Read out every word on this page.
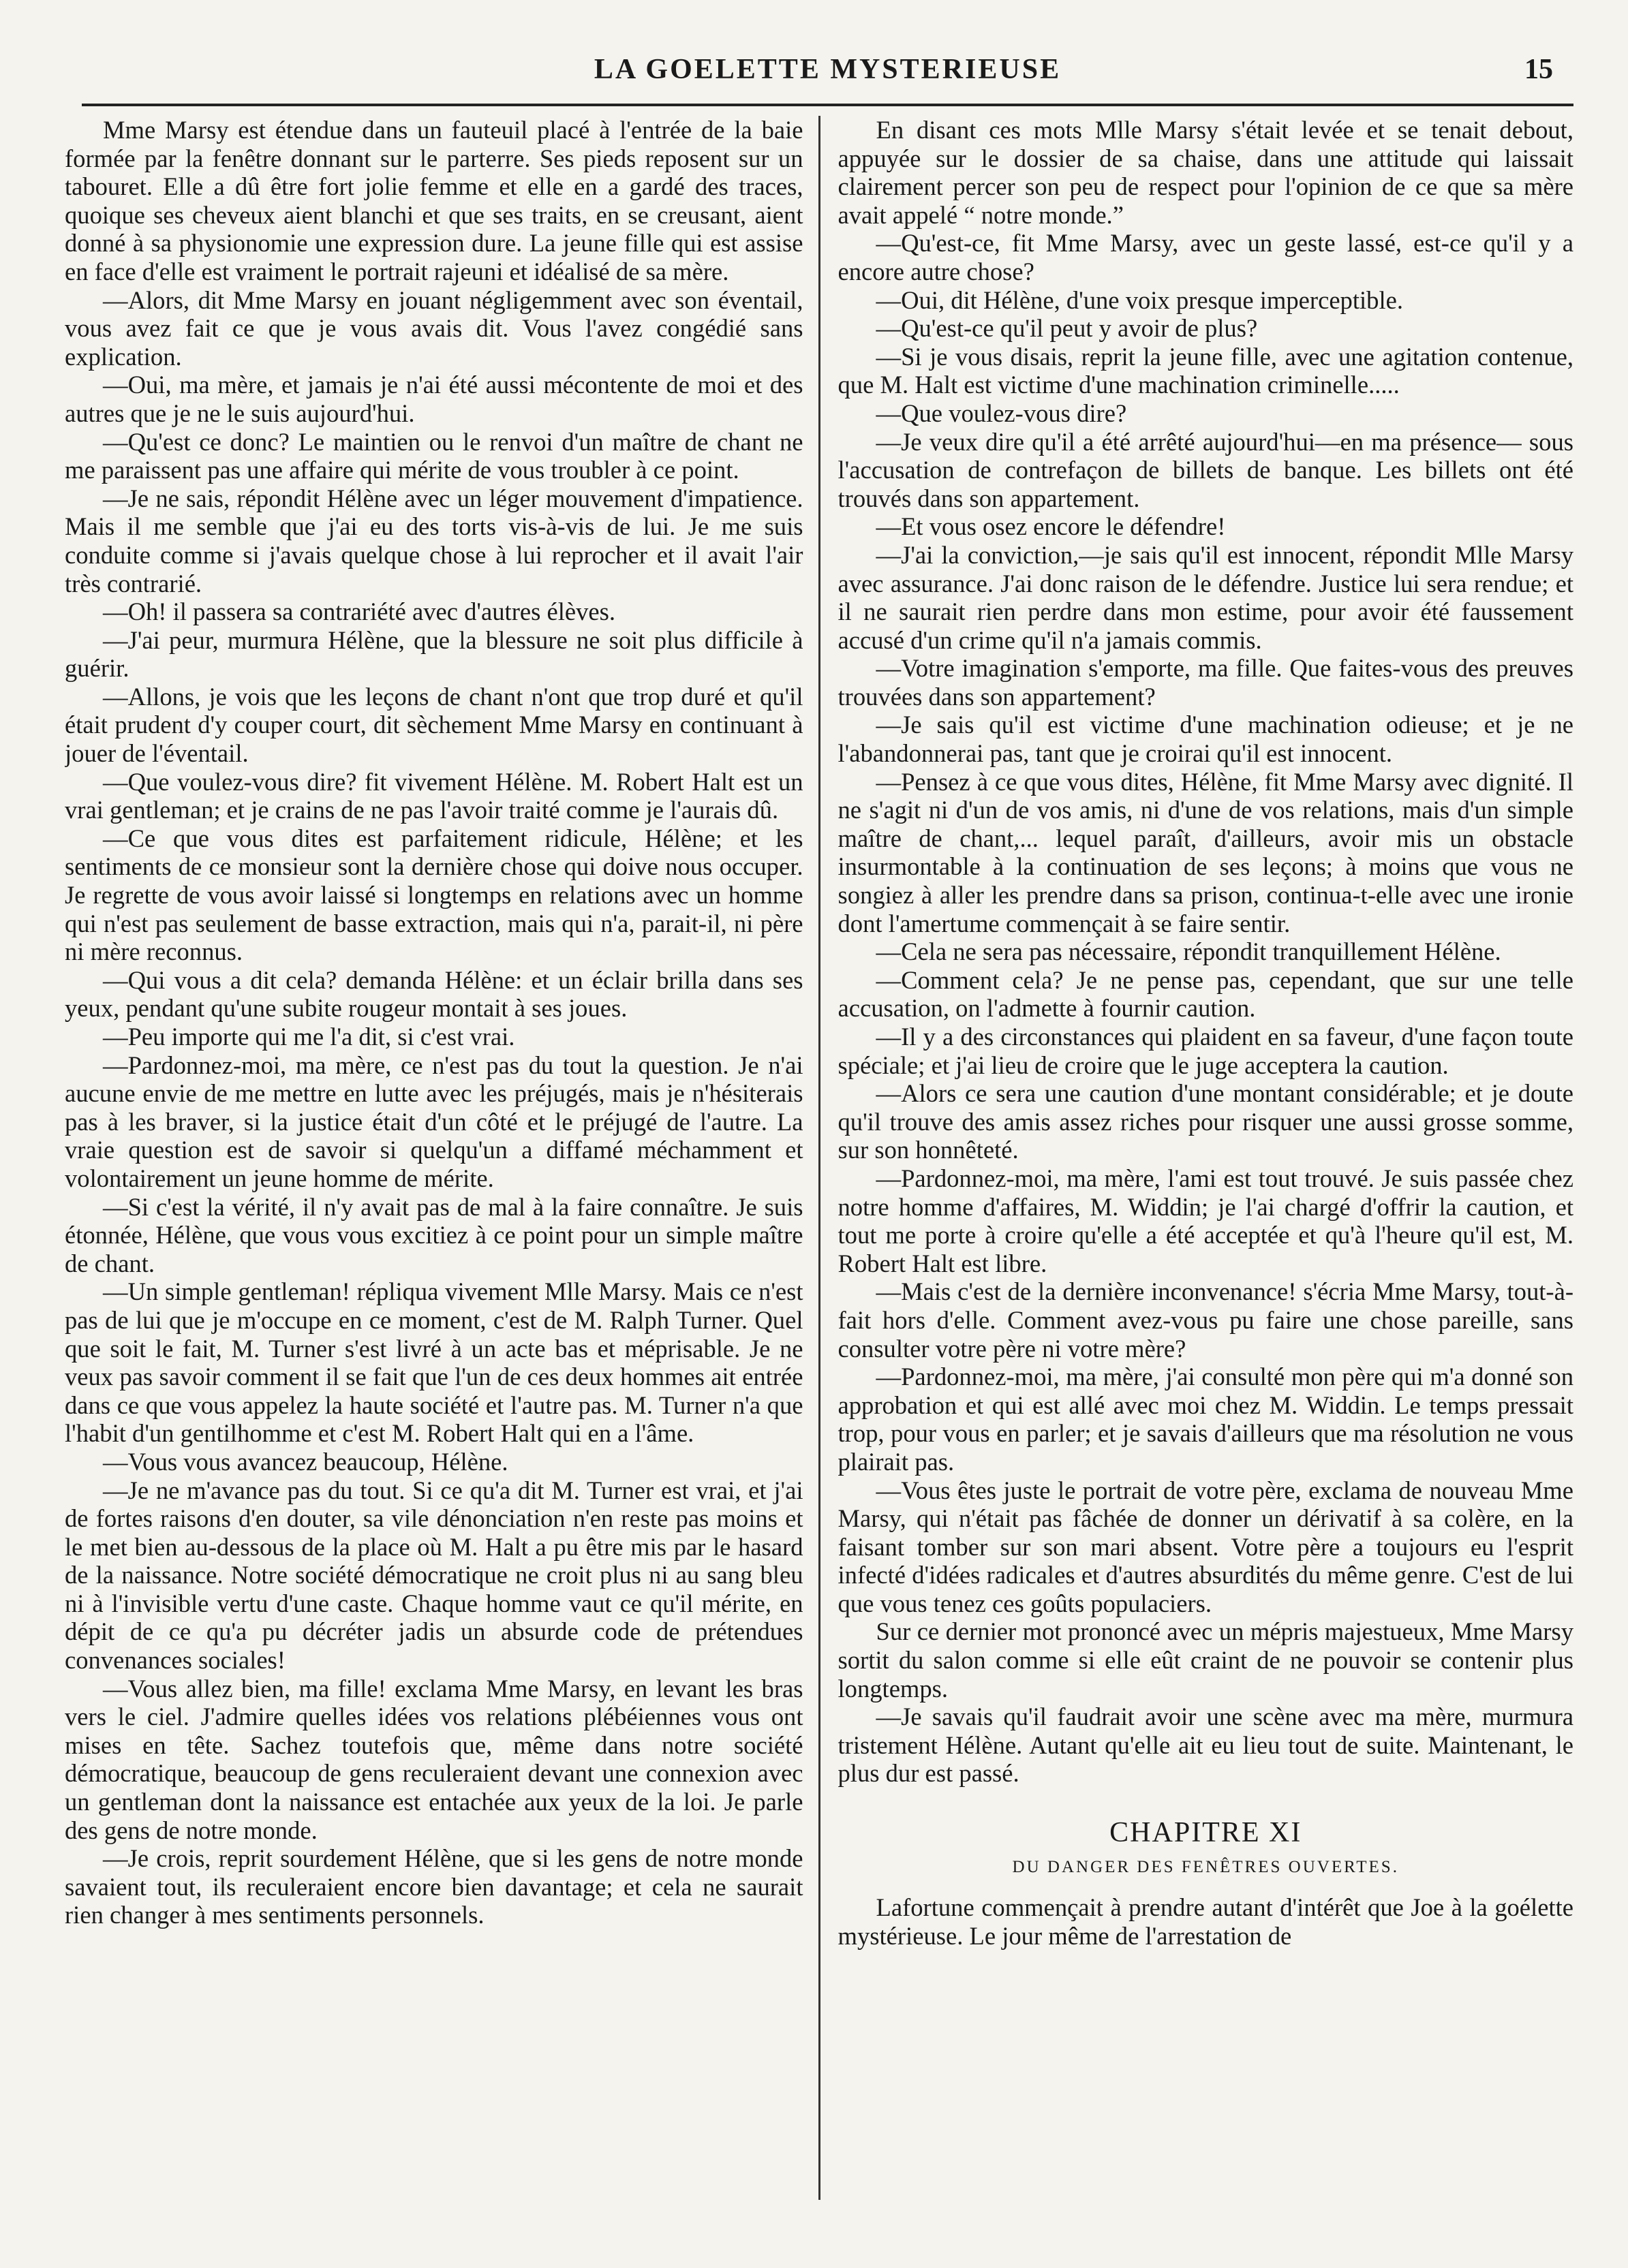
LA GOELETTE MYSTERIEUSE	15

Mme Marsy est étendue dans un fauteuil placé à l'entrée de la baie formée par la fenêtre donnant sur le parterre. Ses pieds reposent sur un tabouret. Elle a dû être fort jolie femme et elle en a gardé des traces, quoique ses cheveux aient blanchi et que ses traits, en se creusant, aient donné à sa physionomie une expression dure. La jeune fille qui est assise en face d'elle est vraiment le portrait rajeuni et idéalisé de sa mère.

—Alors, dit Mme Marsy en jouant négligemment avec son éventail, vous avez fait ce que je vous avais dit. Vous l'avez congédié sans explication.

—Oui, ma mère, et jamais je n'ai été aussi mécontente de moi et des autres que je ne le suis aujourd'hui.

—Qu'est ce donc? Le maintien ou le renvoi d'un maître de chant ne me paraissent pas une affaire qui mérite de vous troubler à ce point.

—Je ne sais, répondit Hélène avec un léger mouvement d'impatience. Mais il me semble que j'ai eu des torts vis-à-vis de lui. Je me suis conduite comme si j'avais quelque chose à lui reprocher et il avait l'air très contrarié.

—Oh! il passera sa contrariété avec d'autres élèves.

—J'ai peur, murmura Hélène, que la blessure ne soit plus difficile à guérir.

—Allons, je vois que les leçons de chant n'ont que trop duré et qu'il était prudent d'y couper court, dit sèchement Mme Marsy en continuant à jouer de l'éventail.

—Que voulez-vous dire? fit vivement Hélène. M. Robert Halt est un vrai gentleman; et je crains de ne pas l'avoir traité comme je l'aurais dû.

—Ce que vous dites est parfaitement ridicule, Hélène; et les sentiments de ce monsieur sont la dernière chose qui doive nous occuper. Je regrette de vous avoir laissé si longtemps en relations avec un homme qui n'est pas seulement de basse extraction, mais qui n'a, parait-il, ni père ni mère reconnus.

—Qui vous a dit cela? demanda Hélène: et un éclair brilla dans ses yeux, pendant qu'une subite rougeur montait à ses joues.

—Peu importe qui me l'a dit, si c'est vrai.

—Pardonnez-moi, ma mère, ce n'est pas du tout la question. Je n'ai aucune envie de me mettre en lutte avec les préjugés, mais je n'hésiterais pas à les braver, si la justice était d'un côté et le préjugé de l'autre. La vraie question est de savoir si quelqu'un a diffamé méchamment et volontairement un jeune homme de mérite.

—Si c'est la vérité, il n'y avait pas de mal à la faire connaître. Je suis étonnée, Hélène, que vous vous excitiez à ce point pour un simple maître de chant.

—Un simple gentleman! répliqua vivement Mlle Marsy. Mais ce n'est pas de lui que je m'occupe en ce moment, c'est de M. Ralph Turner. Quel que soit le fait, M. Turner s'est livré à un acte bas et méprisable. Je ne veux pas savoir comment il se fait que l'un de ces deux hommes ait entrée dans ce que vous appelez la haute société et l'autre pas. M. Turner n'a que l'habit d'un gentilhomme et c'est M. Robert Halt qui en a l'âme.

—Vous vous avancez beaucoup, Hélène.

—Je ne m'avance pas du tout. Si ce qu'a dit M. Turner est vrai, et j'ai de fortes raisons d'en douter, sa vile dénonciation n'en reste pas moins et le met bien au-dessous de la place où M. Halt a pu être mis par le hasard de la naissance. Notre société démocratique ne croit plus ni au sang bleu ni à l'invisible vertu d'une caste. Chaque homme vaut ce qu'il mérite, en dépit de ce qu'a pu décréter jadis un absurde code de prétendues convenances sociales!

—Vous allez bien, ma fille! exclama Mme Marsy, en levant les bras vers le ciel. J'admire quelles idées vos relations plébéiennes vous ont mises en tête. Sachez toutefois que, même dans notre société démocratique, beaucoup de gens reculeraient devant une connexion avec un gentleman dont la naissance est entachée aux yeux de la loi. Je parle des gens de notre monde.

—Je crois, reprit sourdement Hélène, que si les gens de notre monde savaient tout, ils reculeraient encore bien davantage; et cela ne saurait rien changer à mes sentiments personnels.

En disant ces mots Mlle Marsy s'était levée et se tenait debout, appuyée sur le dossier de sa chaise, dans une attitude qui laissait clairement percer son peu de respect pour l'opinion de ce que sa mère avait appelé “ notre monde.”

—Qu'est-ce, fit Mme Marsy, avec un geste lassé, est-ce qu'il y a encore autre chose?

—Oui, dit Hélène, d'une voix presque imperceptible.

—Qu'est-ce qu'il peut y avoir de plus?

—Si je vous disais, reprit la jeune fille, avec une agitation contenue, que M. Halt est victime d'une machination criminelle.....

—Que voulez-vous dire?

—Je veux dire qu'il a été arrêté aujourd'hui—en ma présence— sous l'accusation de contrefaçon de billets de banque. Les billets ont été trouvés dans son appartement.

—Et vous osez encore le défendre!

—J'ai la conviction,—je sais qu'il est innocent, répondit Mlle Marsy avec assurance. J'ai donc raison de le défendre. Justice lui sera rendue; et il ne saurait rien perdre dans mon estime, pour avoir été faussement accusé d'un crime qu'il n'a jamais commis.

—Votre imagination s'emporte, ma fille. Que faites-vous des preuves trouvées dans son appartement?

—Je sais qu'il est victime d'une machination odieuse; et je ne l'abandonnerai pas, tant que je croirai qu'il est innocent.

—Pensez à ce que vous dites, Hélène, fit Mme Marsy avec dignité. Il ne s'agit ni d'un de vos amis, ni d'une de vos relations, mais d'un simple maître de chant,... lequel paraît, d'ailleurs, avoir mis un obstacle insurmontable à la continuation de ses leçons; à moins que vous ne songiez à aller les prendre dans sa prison, continua-t-elle avec une ironie dont l'amertume commençait à se faire sentir.

—Cela ne sera pas nécessaire, répondit tranquillement Hélène.

—Comment cela? Je ne pense pas, cependant, que sur une telle accusation, on l'admette à fournir caution.

—Il y a des circonstances qui plaident en sa faveur, d'une façon toute spéciale; et j'ai lieu de croire que le juge acceptera la caution.

—Alors ce sera une caution d'une montant considérable; et je doute qu'il trouve des amis assez riches pour risquer une aussi grosse somme, sur son honnêteté.

—Pardonnez-moi, ma mère, l'ami est tout trouvé. Je suis passée chez notre homme d'affaires, M. Widdin; je l'ai chargé d'offrir la caution, et tout me porte à croire qu'elle a été acceptée et qu'à l'heure qu'il est, M. Robert Halt est libre.

—Mais c'est de la dernière inconvenance! s'écria Mme Marsy, tout-à-fait hors d'elle. Comment avez-vous pu faire une chose pareille, sans consulter votre père ni votre mère?

—Pardonnez-moi, ma mère, j'ai consulté mon père qui m'a donné son approbation et qui est allé avec moi chez M. Widdin. Le temps pressait trop, pour vous en parler; et je savais d'ailleurs que ma résolution ne vous plairait pas.

—Vous êtes juste le portrait de votre père, exclama de nouveau Mme Marsy, qui n'était pas fâchée de donner un dérivatif à sa colère, en la faisant tomber sur son mari absent. Votre père a toujours eu l'esprit infecté d'idées radicales et d'autres absurdités du même genre. C'est de lui que vous tenez ces goûts populaciers.

Sur ce dernier mot prononcé avec un mépris majestueux, Mme Marsy sortit du salon comme si elle eût craint de ne pouvoir se contenir plus longtemps.

—Je savais qu'il faudrait avoir une scène avec ma mère, murmura tristement Hélène. Autant qu'elle ait eu lieu tout de suite. Maintenant, le plus dur est passé.

CHAPITRE XI
DU DANGER DES FENÊTRES OUVERTES.

Lafortune commençait à prendre autant d'intérêt que Joe à la goélette mystérieuse. Le jour même de l'arrestation de
